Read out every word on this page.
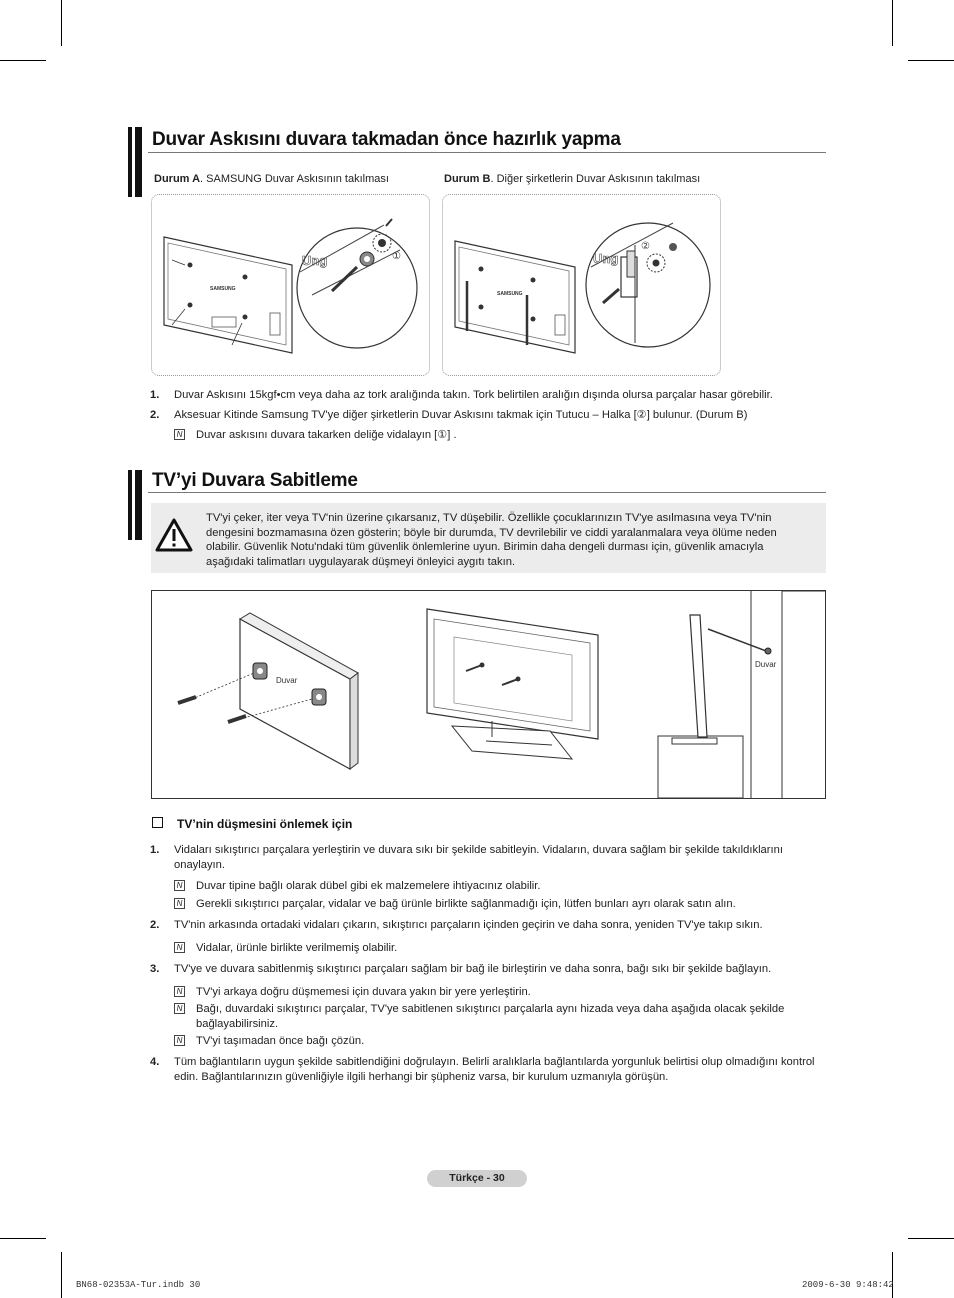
Duvar Askısını duvara takmadan önce hazırlık yapma
Durum A. SAMSUNG Duvar Askısının takılması	Durum B. Diğer şirketlerin Duvar Askısının takılması
SAMSUNG
Ung	①
SAMSUNG
Ung
②
1. Duvar Askısını 15kgf•cm veya daha az tork aralığında takın. Tork belirtilen aralığın dışında olursa parçalar hasar görebilir.
2. Aksesuar Kitinde Samsung TV'ye diğer şirketlerin Duvar Askısını takmak için Tutucu – Halka [②] bulunur. (Durum B)
N Duvar askısını duvara takarken deliğe vidalayın [①] .
TV’yi Duvara Sabitleme
TV'yi çeker, iter veya TV'nin üzerine çıkarsanız, TV düşebilir. Özellikle çocuklarınızın TV'ye asılmasına veya TV'nin dengesini bozmamasına özen gösterin; böyle bir durumda, TV devrilebilir ve ciddi yaralanmalara veya ölüme neden olabilir. Güvenlik Notu'ndaki tüm güvenlik önlemlerine uyun. Birimin daha dengeli durması için, güvenlik amacıyla aşağıdaki talimatları uygulayarak düşmeyi önleyici aygıtı takın.
Duvar
Duvar
TV’nin düşmesini önlemek için
1. Vidaları sıkıştırıcı parçalara yerleştirin ve duvara sıkı bir şekilde sabitleyin. Vidaların, duvara sağlam bir şekilde takıldıklarını onaylayın.
N Duvar tipine bağlı olarak dübel gibi ek malzemelere ihtiyacınız olabilir.
N Gerekli sıkıştırıcı parçalar, vidalar ve bağ ürünle birlikte sağlanmadığı için, lütfen bunları ayrı olarak satın alın.
2. TV'nin arkasında ortadaki vidaları çıkarın, sıkıştırıcı parçaların içinden geçirin ve daha sonra, yeniden TV'ye takıp sıkın.
N Vidalar, ürünle birlikte verilmemiş olabilir.
3. TV'ye ve duvara sabitlenmiş sıkıştırıcı parçaları sağlam bir bağ ile birleştirin ve daha sonra, bağı sıkı bir şekilde bağlayın.
N TV'yi arkaya doğru düşmemesi için duvara yakın bir yere yerleştirin.
N Bağı, duvardaki sıkıştırıcı parçalar, TV'ye sabitlenen sıkıştırıcı parçalarla aynı hizada veya daha aşağıda olacak şekilde bağlayabilirsiniz.
N TV'yi taşımadan önce bağı çözün.
4. Tüm bağlantıların uygun şekilde sabitlendiğini doğrulayın. Belirli aralıklarla bağlantılarda yorgunluk belirtisi olup olmadığını kontrol edin. Bağlantılarınızın güvenliğiyle ilgili herhangi bir şüpheniz varsa, bir kurulum uzmanıyla görüşün.
Türkçe - 30
BN68-02353A-Tur.indb 30	2009-6-30 9:48:42
